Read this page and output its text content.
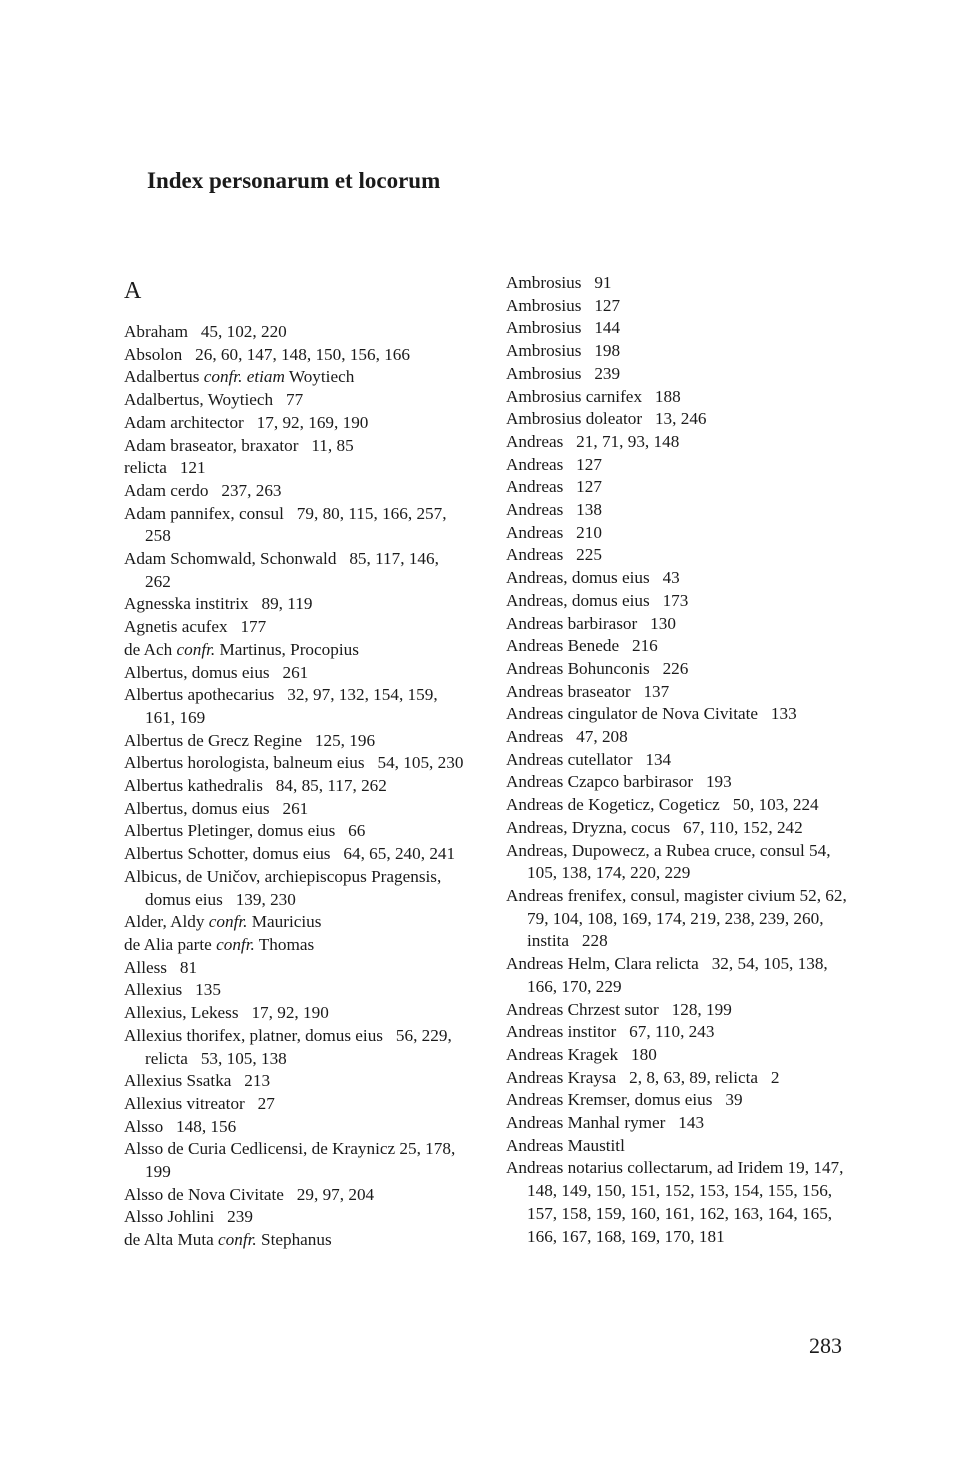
Index personarum et locorum
A
Abraham   45, 102, 220
Absolon   26, 60, 147, 148, 150, 156, 166
Adalbertus confr. etiam Woytiech
Adalbertus, Woytiech   77
Adam architector   17, 92, 169, 190
Adam braseator, braxator   11, 85
relicta   121
Adam cerdo   237, 263
Adam pannifex, consul   79, 80, 115, 166, 257, 258
Adam Schomwald, Schonwald   85, 117, 146, 262
Agnesska institrix   89, 119
Agnetis acufex   177
de Ach confr. Martinus, Procopius
Albertus, domus eius   261
Albertus apothecarius   32, 97, 132, 154, 159, 161, 169
Albertus de Grecz Regine   125, 196
Albertus horologista, balneum eius   54, 105, 230
Albertus kathedralis   84, 85, 117, 262
Albertus, domus eius   261
Albertus Pletinger, domus eius   66
Albertus Schotter, domus eius   64, 65, 240, 241
Albicus, de Uničov, archiepiscopus Pragensis, domus eius   139, 230
Alder, Aldy confr. Mauricius
de Alia parte confr. Thomas
Alless   81
Allexius   135
Allexius, Lekess   17, 92, 190
Allexius thorifex, platner, domus eius   56, 229, relicta   53, 105, 138
Allexius Ssatka   213
Allexius vitreator   27
Alsso   148, 156
Alsso de Curia Cedlicensi, de Kraynicz 25, 178, 199
Alsso de Nova Civitate   29, 97, 204
Alsso Johlini   239
de Alta Muta confr. Stephanus
Ambrosius   91
Ambrosius   127
Ambrosius   144
Ambrosius   198
Ambrosius   239
Ambrosius carnifex   188
Ambrosius doleator   13, 246
Andreas   21, 71, 93, 148
Andreas   127
Andreas   127
Andreas   138
Andreas   210
Andreas   225
Andreas, domus eius   43
Andreas, domus eius   173
Andreas barbirasor   130
Andreas Benede   216
Andreas Bohunconis   226
Andreas braseator   137
Andreas cingulator de Nova Civitate   133
Andreas   47, 208
Andreas cutellator   134
Andreas Czapco barbirasor   193
Andreas de Kogeticz, Cogeticz   50, 103, 224
Andreas, Dryzna, cocus   67, 110, 152, 242
Andreas, Dupowecz, a Rubea cruce, consul 54, 105, 138, 174, 220, 229
Andreas frenifex, consul, magister civium 52, 62, 79, 104, 108, 169, 174, 219, 238, 239, 260, instita   228
Andreas Helm, Clara relicta   32, 54, 105, 138, 166, 170, 229
Andreas Chrzest sutor   128, 199
Andreas institor   67, 110, 243
Andreas Kragek   180
Andreas Kraysa   2, 8, 63, 89, relicta   2
Andreas Kremser, domus eius   39
Andreas Manhal rymer   143
Andreas Maustitl
Andreas notarius collectarum, ad Iridem 19, 147, 148, 149, 150, 151, 152, 153, 154, 155, 156, 157, 158, 159, 160, 161, 162, 163, 164, 165, 166, 167, 168, 169, 170, 181
283
